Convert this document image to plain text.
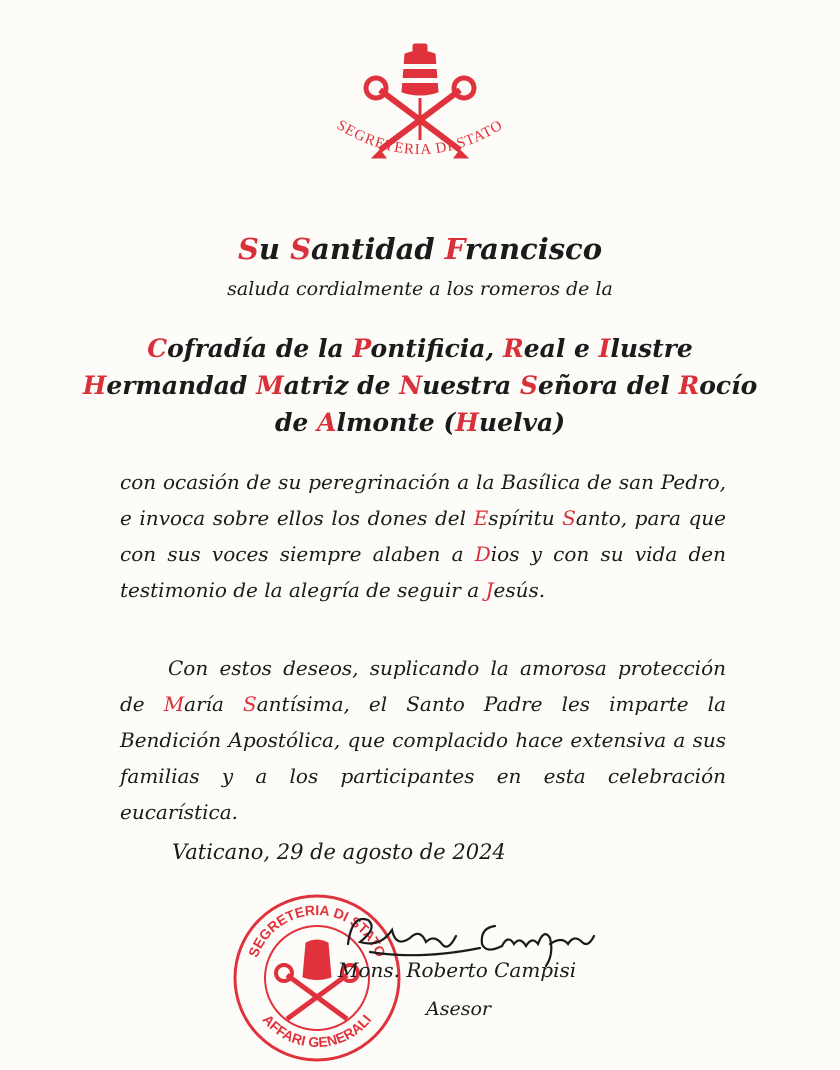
SEGRETERIA DI STATO
Su Santidad Francisco
saluda cordialmente a los romeros de la
Cofradía de la Pontificia, Real e Ilustre
Hermandad Matriz de Nuestra Señora del Rocío
de Almonte (Huelva)
con ocasión de su peregrinación a la Basílica de san Pedro, e invoca sobre ellos los dones del Espíritu Santo, para que con sus voces siempre alaben a Dios y con su vida den testimonio de la alegría de seguir a Jesús.
Con estos deseos, suplicando la amorosa protección de María Santísima, el Santo Padre les imparte la Bendición Apostólica, que complacido hace extensiva a sus familias y a los participantes en esta celebración eucarística.
Vaticano, 29 de agosto de 2024
SEGRETERIA DI STATO
AFFARI GENERALI
Mons. Roberto Campisi
Asesor
